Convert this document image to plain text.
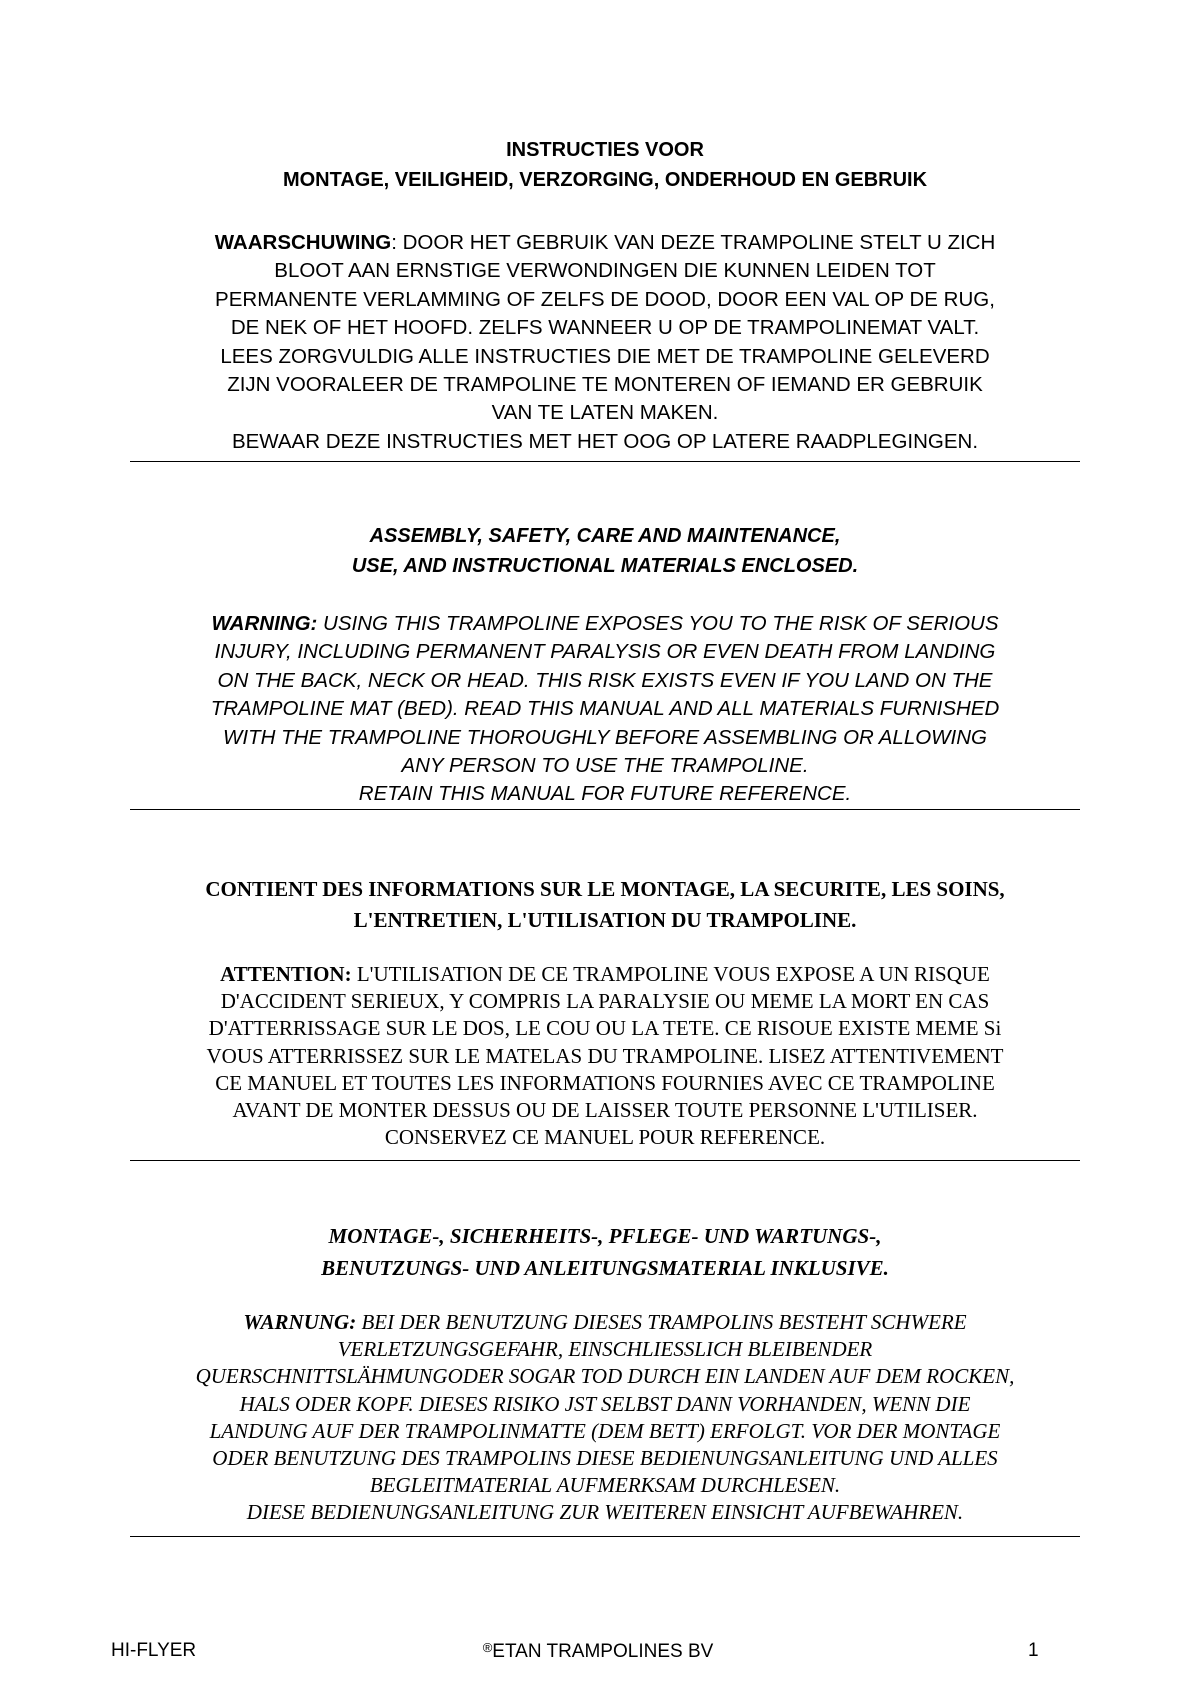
INSTRUCTIES VOOR
MONTAGE, VEILIGHEID, VERZORGING, ONDERHOUD EN GEBRUIK
WAARSCHUWING: DOOR HET GEBRUIK VAN DEZE TRAMPOLINE STELT U ZICH
BLOOT AAN ERNSTIGE VERWONDINGEN DIE KUNNEN LEIDEN TOT
PERMANENTE VERLAMMING OF ZELFS DE DOOD, DOOR EEN VAL OP DE RUG,
DE NEK OF HET HOOFD. ZELFS WANNEER U OP DE TRAMPOLINEMAT VALT.
LEES ZORGVULDIG ALLE INSTRUCTIES DIE MET DE TRAMPOLINE GELEVERD
ZIJN VOORALEER DE TRAMPOLINE TE MONTEREN OF IEMAND ER GEBRUIK
VAN TE LATEN MAKEN.
BEWAAR DEZE INSTRUCTIES MET HET OOG OP LATERE RAADPLEGINGEN.
ASSEMBLY, SAFETY, CARE AND MAINTENANCE,
USE, AND INSTRUCTIONAL MATERIALS ENCLOSED.
WARNING: USING THIS TRAMPOLINE EXPOSES YOU TO THE RISK OF SERIOUS
INJURY, INCLUDING PERMANENT PARALYSIS OR EVEN DEATH FROM LANDING
ON THE BACK, NECK OR HEAD. THIS RISK EXISTS EVEN IF YOU LAND ON THE
TRAMPOLINE MAT (BED). READ THIS MANUAL AND ALL MATERIALS FURNISHED
WITH THE TRAMPOLINE THOROUGHLY BEFORE ASSEMBLING OR ALLOWING
ANY PERSON TO USE THE TRAMPOLINE.
RETAIN THIS MANUAL FOR FUTURE REFERENCE.
CONTIENT DES INFORMATIONS SUR LE MONTAGE, LA SECURITE, LES SOINS,
L'ENTRETIEN, L'UTILISATION DU TRAMPOLINE.
ATTENTION: L'UTILISATION DE CE TRAMPOLINE VOUS EXPOSE A UN RISQUE
D'ACCIDENT SERIEUX, Y COMPRIS LA PARALYSIE OU MEME LA MORT EN CAS
D'ATTERRISSAGE SUR LE DOS, LE COU OU LA TETE. CE RISOUE EXISTE MEME Si
VOUS ATTERRISSEZ SUR LE MATELAS DU TRAMPOLINE. LISEZ ATTENTIVEMENT
CE MANUEL ET TOUTES LES INFORMATIONS FOURNIES AVEC CE TRAMPOLINE
AVANT DE MONTER DESSUS OU DE LAISSER TOUTE PERSONNE L'UTILISER.
CONSERVEZ CE MANUEL POUR REFERENCE.
MONTAGE-, SICHERHEITS-, PFLEGE- UND WARTUNGS-,
BENUTZUNGS- UND ANLEITUNGSMATERIAL INKLUSIVE.
WARNUNG: BEI DER BENUTZUNG DIESES TRAMPOLINS BESTEHT SCHWERE
VERLETZUNGSGEFAHR, EINSCHLIESSLICH BLEIBENDER
QUERSCHNITTSLÄHMUNGODER SOGAR TOD DURCH EIN LANDEN AUF DEM ROCKEN,
HALS ODER KOPF. DIESES RISIKO JST SELBST DANN VORHANDEN, WENN DIE
LANDUNG AUF DER TRAMPOLINMATTE (DEM BETT) ERFOLGT. VOR DER MONTAGE
ODER BENUTZUNG DES TRAMPOLINS DIESE BEDIENUNGSANLEITUNG UND ALLES
BEGLEITMATERIAL AUFMERKSAM DURCHLESEN.
DIESE BEDIENUNGSANLEITUNG ZUR WEITEREN EINSICHT AUFBEWAHREN.
HI-FLYER	®ETAN TRAMPOLINES BV	1
